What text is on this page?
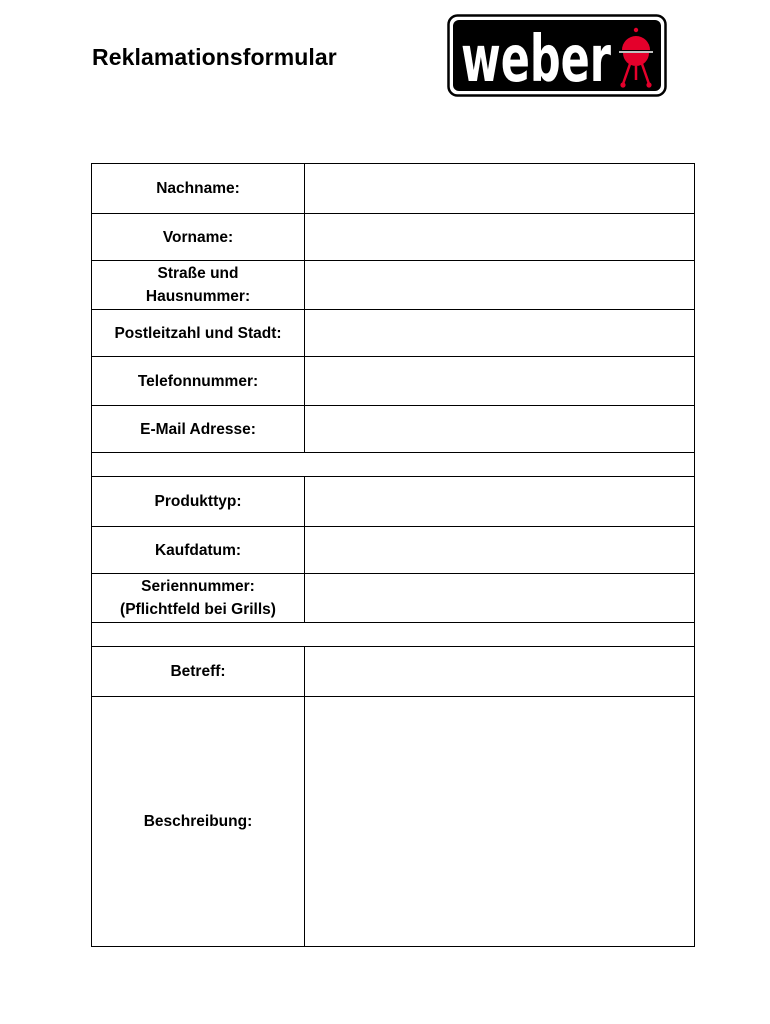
Reklamationsformular weber
Nachname:	
Vorname:	

Straße und
Hausnummer:	

Postleitzahl und Stadt:	
Telefonnummer:	
E-Mail Adresse:	

Produkttyp:	
Kaufdatum:	

Seriennummer:
(Pflichtfeld bei Grills)	

Betreff:	
Beschreibung:	
